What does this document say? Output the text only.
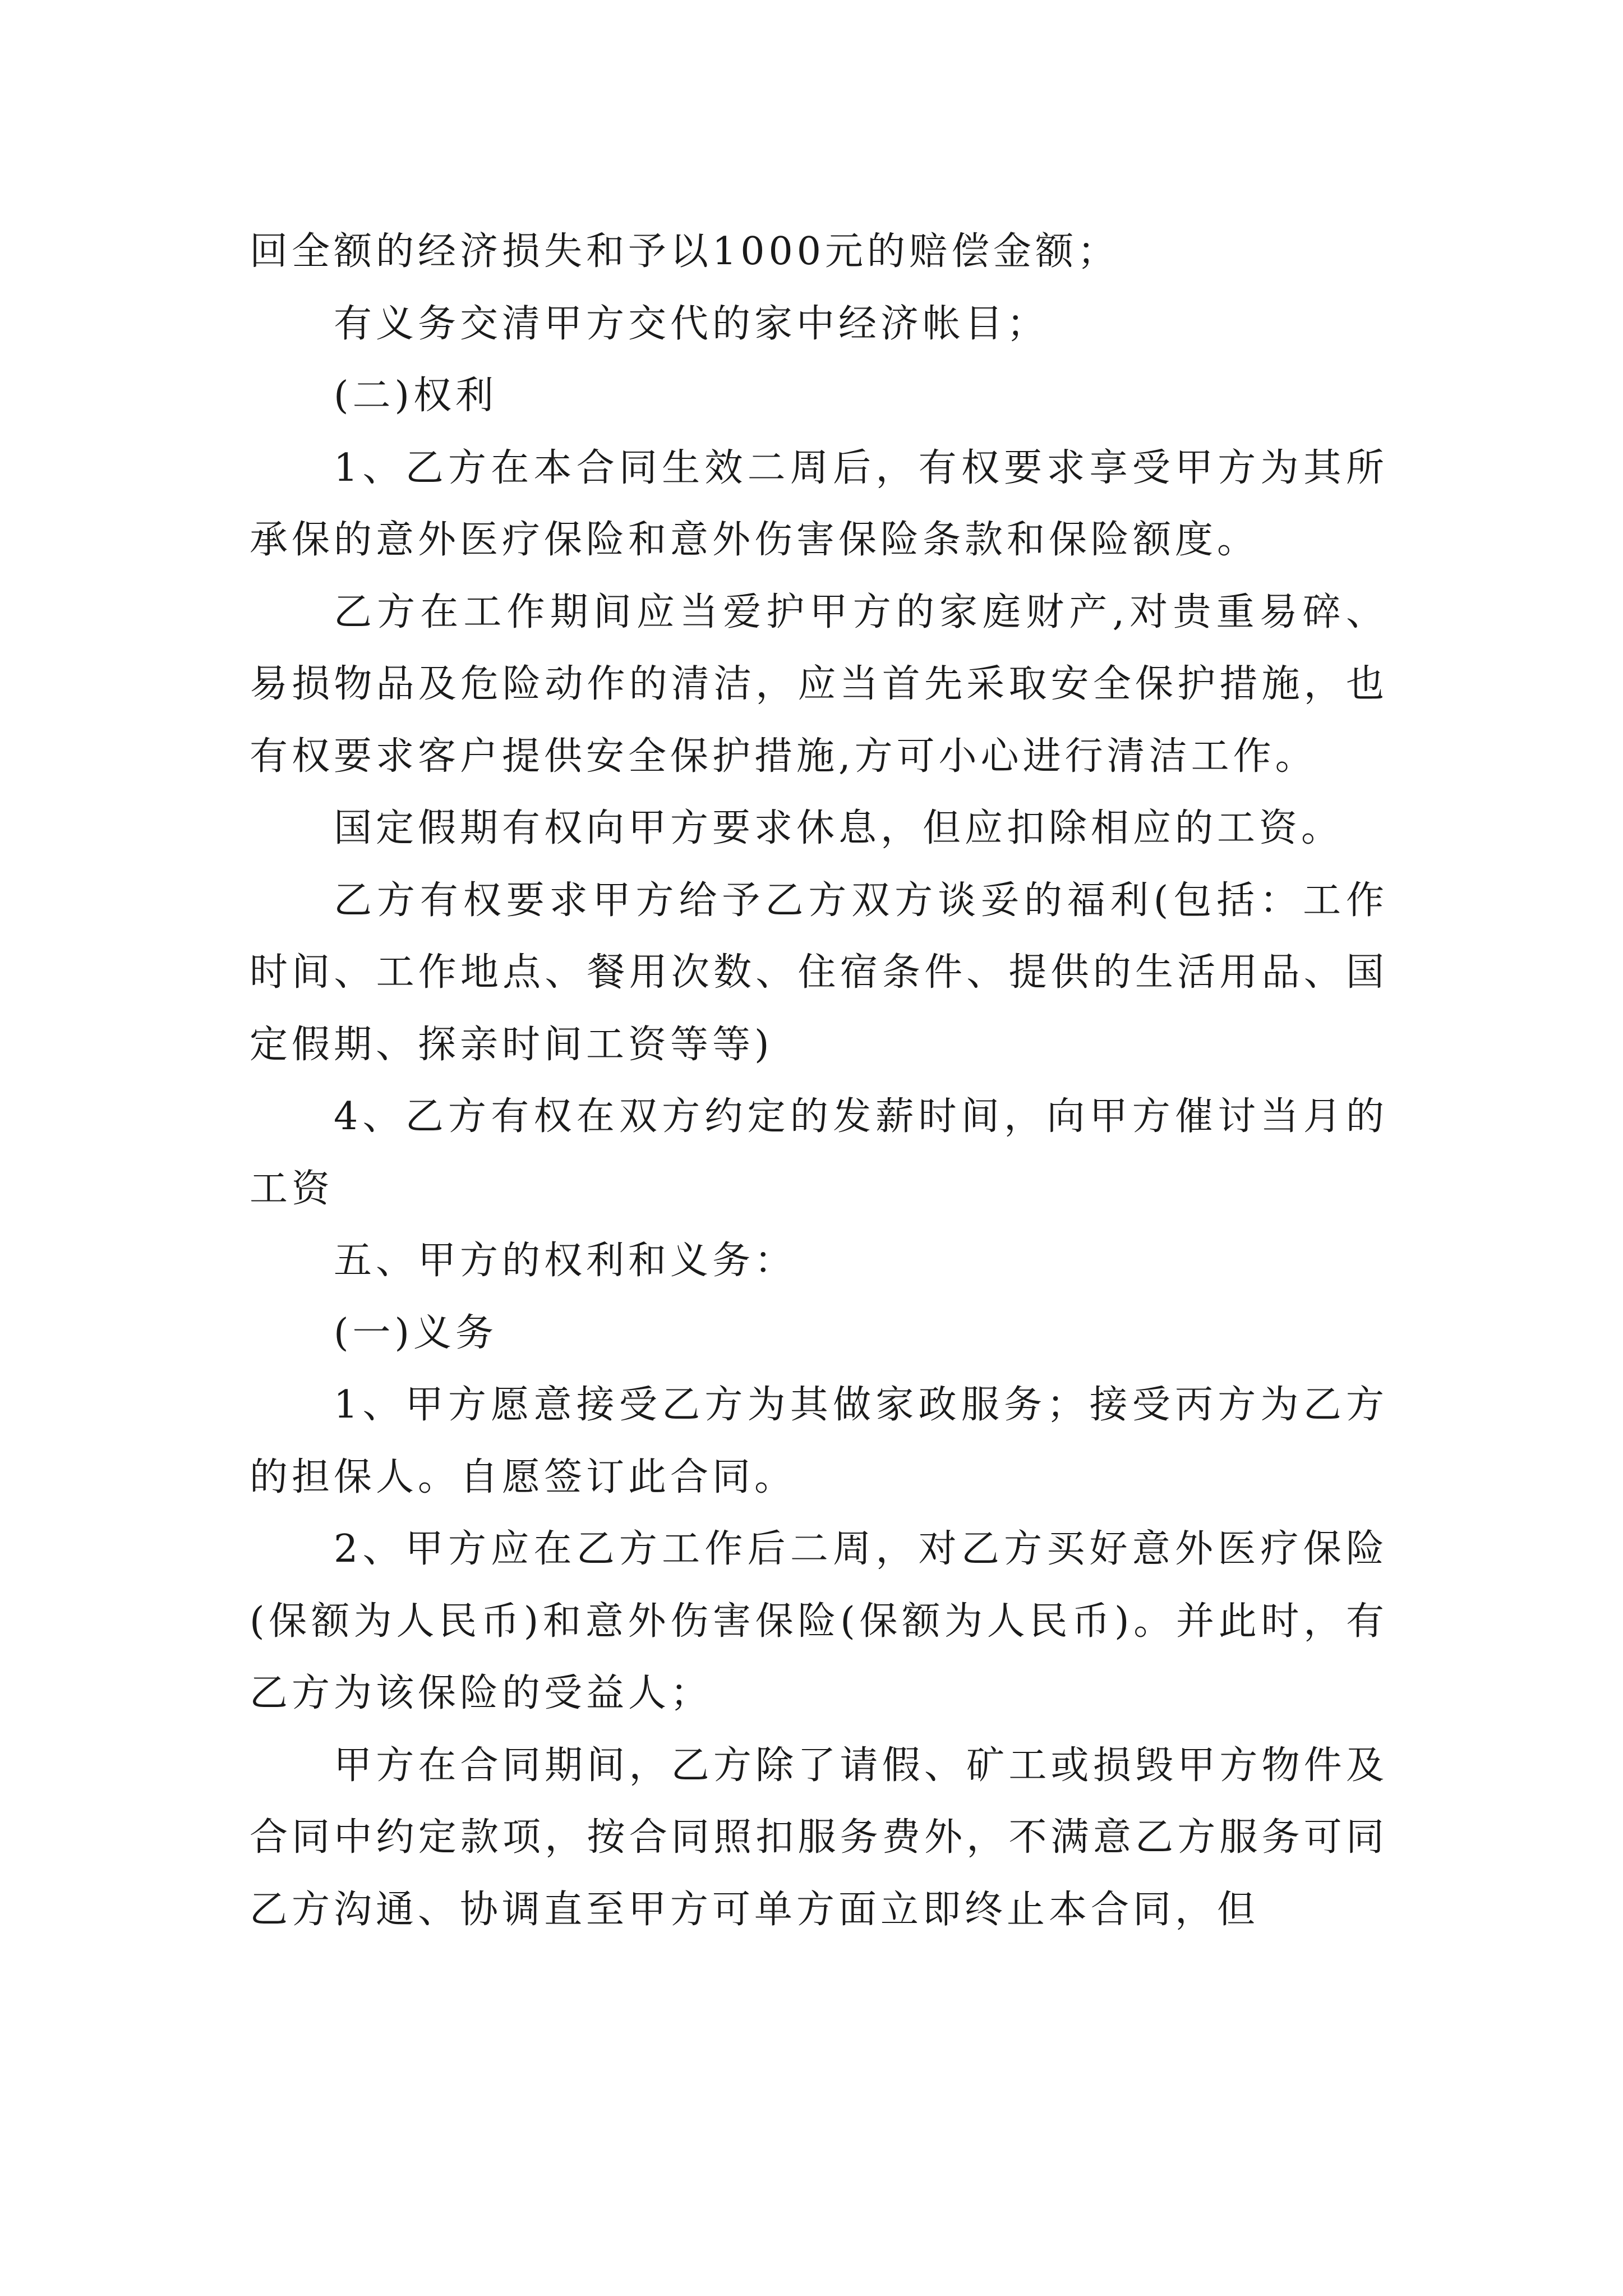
回全额的经济损失和予以1000元的赔偿金额；

有义务交清甲方交代的家中经济帐目；

(二)权利

1、乙方在本合同生效二周后，有权要求享受甲方为其所承保的意外医疗保险和意外伤害保险条款和保险额度。

乙方在工作期间应当爱护甲方的家庭财产,对贵重易碎、易损物品及危险动作的清洁，应当首先采取安全保护措施，也有权要求客户提供安全保护措施,方可小心进行清洁工作。

国定假期有权向甲方要求休息，但应扣除相应的工资。

乙方有权要求甲方给予乙方双方谈妥的福利(包括：工作时间、工作地点、餐用次数、住宿条件、提供的生活用品、国定假期、探亲时间工资等等)

4、乙方有权在双方约定的发薪时间，向甲方催讨当月的工资

五、甲方的权利和义务：

(一)义务

1、甲方愿意接受乙方为其做家政服务；接受丙方为乙方的担保人。自愿签订此合同。

2、甲方应在乙方工作后二周，对乙方买好意外医疗保险(保额为人民币)和意外伤害保险(保额为人民币)。并此时，有乙方为该保险的受益人；

甲方在合同期间，乙方除了请假、矿工或损毁甲方物件及合同中约定款项，按合同照扣服务费外，不满意乙方服务可同乙方沟通、协调直至甲方可单方面立即终止本合同，但
